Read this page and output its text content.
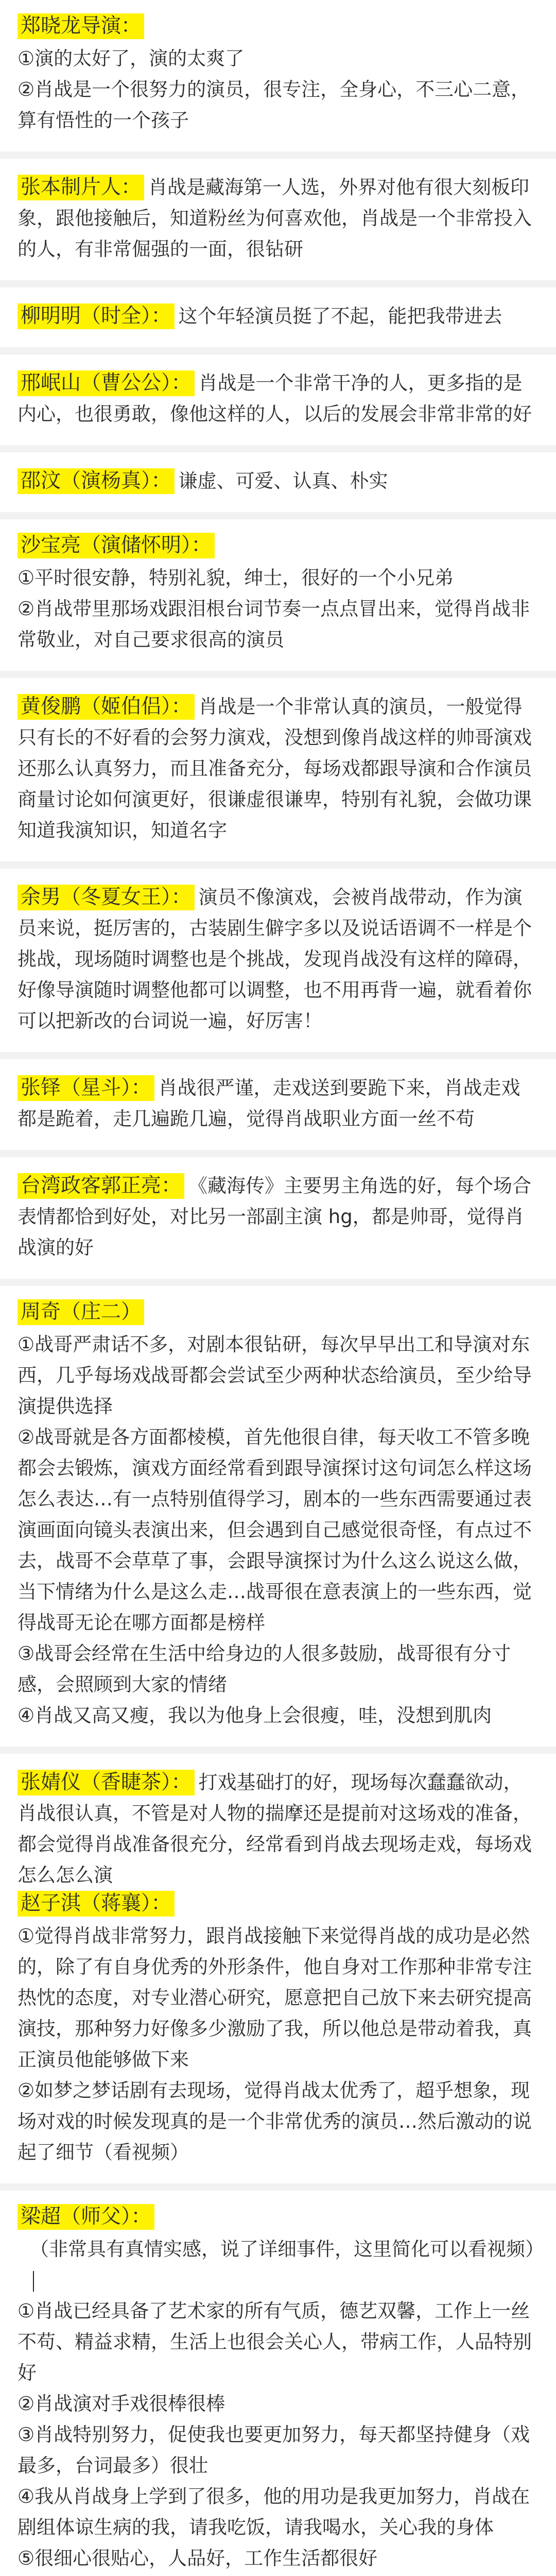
郑晓龙导演：

①演的太好了，演的太爽了

②肖战是一个很努力的演员，很专注，全身心，不三心二意，算有悟性的一个孩子

张本制片人： 肖战是藏海第一人选，外界对他有很大刻板印象，跟他接触后，知道粉丝为何喜欢他，肖战是一个非常投入的人，有非常倔强的一面，很钻研
柳明明（时全）： 这个年轻演员挺了不起，能把我带进去
邢岷山（曹公公）： 肖战是一个非常干净的人，更多指的是内心，也很勇敢，像他这样的人，以后的发展会非常非常的好
邵汶（演杨真）： 谦虚、可爱、认真、朴实
沙宝亮（演储怀明）：

①平时很安静，特别礼貌，绅士，很好的一个小兄弟

②肖战带里那场戏跟泪根台词节奏一点点冒出来，觉得肖战非常敬业，对自己要求很高的演员

黄俊鹏（姬伯侣）： 肖战是一个非常认真的演员，一般觉得只有长的不好看的会努力演戏，没想到像肖战这样的帅哥演戏还那么认真努力，而且准备充分，每场戏都跟导演和合作演员商量讨论如何演更好，很谦虚很谦卑，特别有礼貌，会做功课知道我演知识，知道名字
余男（冬夏女王）： 演员不像演戏，会被肖战带动，作为演员来说，挺厉害的，古装剧生僻字多以及说话语调不一样是个挑战，现场随时调整也是个挑战，发现肖战没有这样的障碍，好像导演随时调整他都可以调整，也不用再背一遍，就看着你可以把新改的台词说一遍，好厉害！
张铎（星斗）： 肖战很严谨，走戏送到要跪下来，肖战走戏都是跪着，走几遍跪几遍，觉得肖战职业方面一丝不苟
台湾政客郭正亮： 《藏海传》主要男主角选的好，每个场合表情都恰到好处，对比另一部副主演 hg，都是帅哥，觉得肖战演的好
周奇（庄二）

①战哥严肃话不多，对剧本很钻研，每次早早出工和导演对东西，几乎每场戏战哥都会尝试至少两种状态给演员，至少给导演提供选择

②战哥就是各方面都棱模，首先他很自律，每天收工不管多晚都会去锻炼，演戏方面经常看到跟导演探讨这句词怎么样这场怎么表达…有一点特别值得学习，剧本的一些东西需要通过表演画面向镜头表演出来，但会遇到自己感觉很奇怪，有点过不去，战哥不会草草了事，会跟导演探讨为什么这么说这么做，当下情绪为什么是这么走…战哥很在意表演上的一些东西，觉得战哥无论在哪方面都是榜样

③战哥会经常在生活中给身边的人很多鼓励，战哥很有分寸感，会照顾到大家的情绪

④肖战又高又瘦，我以为他身上会很瘦，哇，没想到肌肉

张婧仪（香睫茶）： 打戏基础打的好，现场每次蠢蠢欲动，肖战很认真，不管是对人物的揣摩还是提前对这场戏的准备，都会觉得肖战准备很充分，经常看到肖战去现场走戏，每场戏怎么怎么演
赵子淇（蒋襄）：

①觉得肖战非常努力，跟肖战接触下来觉得肖战的成功是必然的，除了有自身优秀的外形条件，他自身对工作那种非常专注热忱的态度，对专业潜心研究，愿意把自己放下来去研究提高演技，那种努力好像多少激励了我，所以他总是带动着我，真正演员他能够做下来

②如梦之梦话剧有去现场，觉得肖战太优秀了，超乎想象，现场对戏的时候发现真的是一个非常优秀的演员…然后激动的说起了细节（看视频）

梁超（师父）：
（非常具有真情实感，说了详细事件，这里简化可以看视频）

①肖战已经具备了艺术家的所有气质，德艺双馨，工作上一丝不苟、精益求精，生活上也很会关心人，带病工作，人品特别好

②肖战演对手戏很棒很棒

③肖战特别努力，促使我也要更加努力，每天都坚持健身（戏最多，台词最多）很壮

④我从肖战身上学到了很多，他的用功是我更加努力，肖战在剧组体谅生病的我，请我吃饭，请我喝水，关心我的身体

⑤很细心很贴心，人品好，工作生活都很好
